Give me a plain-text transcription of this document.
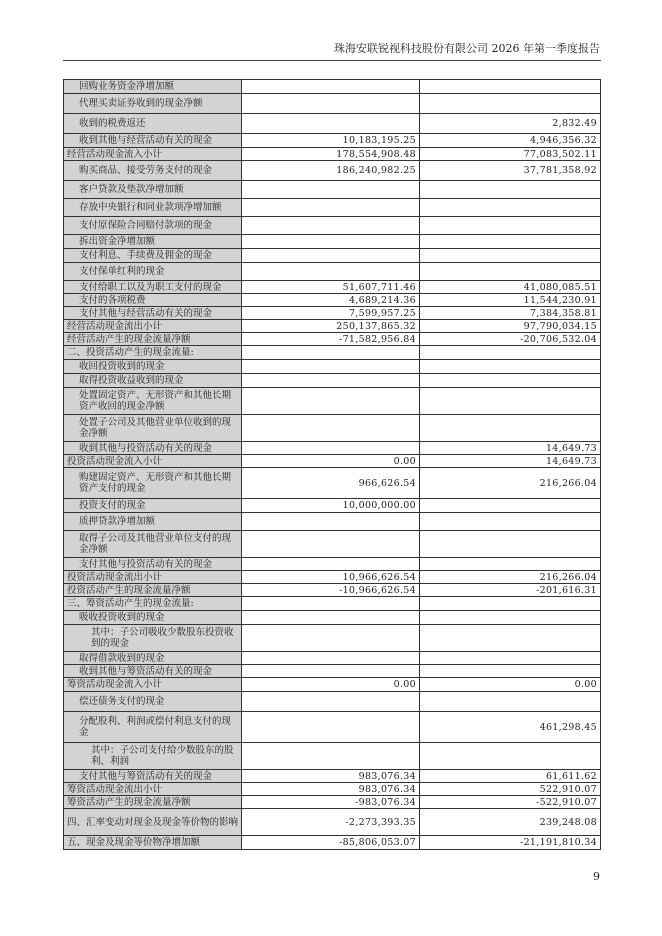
珠海安联锐视科技股份有限公司 2026 年第一季度报告
回购业务资金净增加额		
代理买卖证券收到的现金净额		
收到的税费返还		2,832.49
收到其他与经营活动有关的现金	10,183,195.25	4,946,356.32
经营活动现金流入小计	178,554,908.48	77,083,502.11
购买商品、接受劳务支付的现金	186,240,982.25	37,781,358.92
客户贷款及垫款净增加额		
存放中央银行和同业款项净增加额		
支付原保险合同赔付款项的现金		
拆出资金净增加额		
支付利息、手续费及佣金的现金		
支付保单红利的现金		
支付给职工以及为职工支付的现金	51,607,711.46	41,080,085.51
支付的各项税费	4,689,214.36	11,544,230.91
支付其他与经营活动有关的现金	7,599,957.25	7,384,358.81
经营活动现金流出小计	250,137,865.32	97,790,034.15
经营活动产生的现金流量净额	-71,582,956.84	-20,706,532.04
二、投资活动产生的现金流量:		
收回投资收到的现金		
取得投资收益收到的现金		
处置固定资产、无形资产和其他长期资产收回的现金净额		
处置子公司及其他营业单位收到的现金净额		
收到其他与投资活动有关的现金		14,649.73
投资活动现金流入小计	0.00	14,649.73
购建固定资产、无形资产和其他长期资产支付的现金	966,626.54	216,266.04
投资支付的现金	10,000,000.00	
质押贷款净增加额		
取得子公司及其他营业单位支付的现金净额		
支付其他与投资活动有关的现金		
投资活动现金流出小计	10,966,626.54	216,266.04
投资活动产生的现金流量净额	-10,966,626.54	-201,616.31
三、筹资活动产生的现金流量:		
吸收投资收到的现金		
其中：子公司吸收少数股东投资收到的现金		
取得借款收到的现金		
收到其他与筹资活动有关的现金		
筹资活动现金流入小计	0.00	0.00
偿还债务支付的现金		
分配股利、利润或偿付利息支付的现金		461,298.45
其中：子公司支付给少数股东的股利、利润		
支付其他与筹资活动有关的现金	983,076.34	61,611.62
筹资活动现金流出小计	983,076.34	522,910.07
筹资活动产生的现金流量净额	-983,076.34	-522,910.07
四、汇率变动对现金及现金等价物的影响	-2,273,393.35	239,248.08
五、现金及现金等价物净增加额	-85,806,053.07	-21,191,810.34
9
